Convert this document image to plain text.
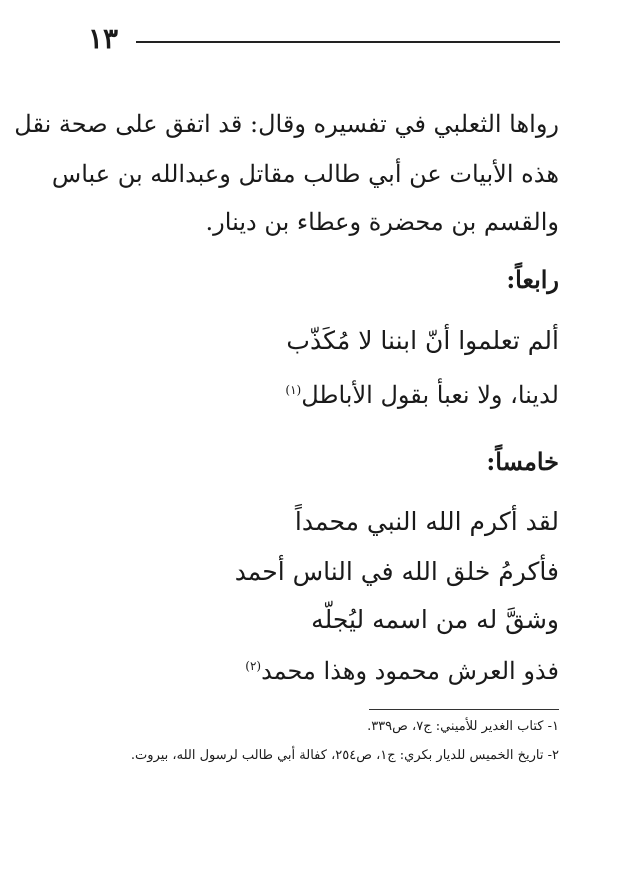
١٣
رواها الثعلبي في تفسيره وقال: قد اتفق على صحة نقل
هذه الأبيات عن أبي طالب مقاتل وعبدالله بن عباس
والقسم بن محضرة وعطاء بن دينار.
رابعاً:
ألم تعلموا أنّ ابننا لا مُكَذّب
لدينا، ولا نعبأ بقول الأباطل$^{(١)}$
خامساً:
لقد أكرم الله النبي محمداً
فأكرمُ خلق الله في الناس أحمد
وشقَّ له من اسمه ليُجلّه
فذو العرش محمود وهذا محمد$^{(٢)}$
١- كتاب الغدير للأميني: ج٧، ص٣٣٩.
٢- تاريخ الخميس للديار بكري: ج١، ص٢٥٤، كفالة أبي طالب لرسول الله، بيروت.
